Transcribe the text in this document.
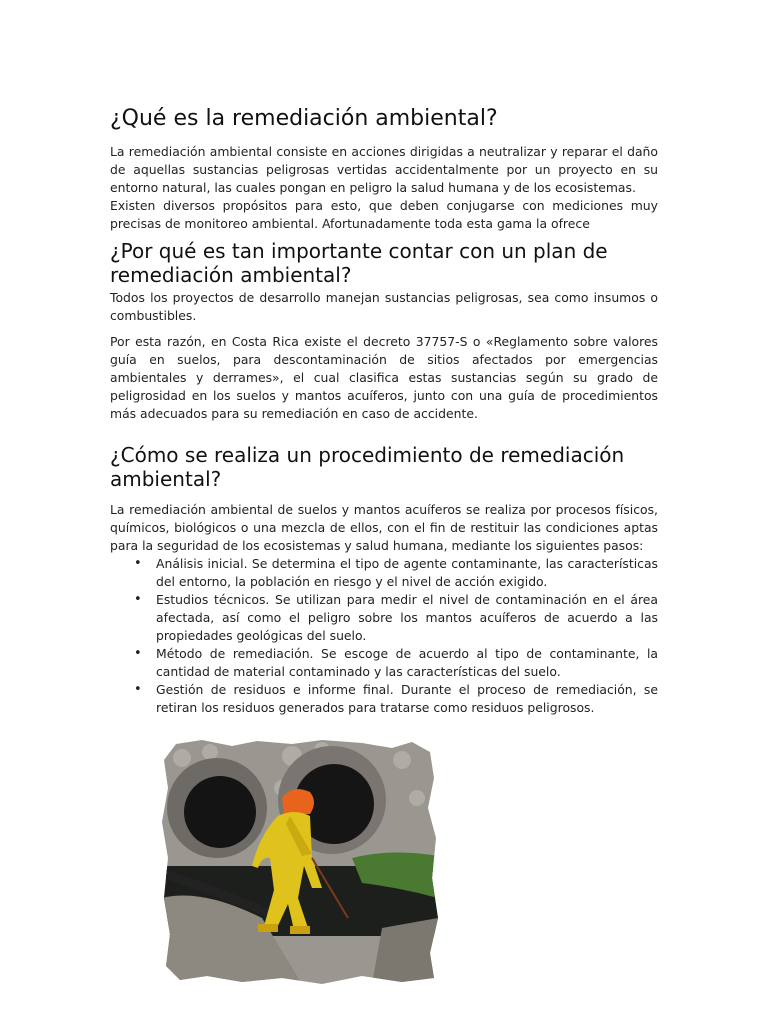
¿Qué es la remediación ambiental?

La remediación ambiental consiste en acciones dirigidas a neutralizar y reparar el daño de aquellas sustancias peligrosas vertidas accidentalmente por un proyecto en su entorno natural, las cuales pongan en peligro la salud humana y de los ecosistemas.

Existen diversos propósitos para esto, que deben conjugarse con mediciones muy precisas de monitoreo ambiental. Afortunadamente toda esta gama la ofrece

¿Por qué es tan importante contar con un plan de remediación ambiental?

Todos los proyectos de desarrollo manejan sustancias peligrosas, sea como insumos o combustibles.

Por esta razón, en Costa Rica existe el decreto 37757-S o «Reglamento sobre valores guía en suelos, para descontaminación de sitios afectados por emergencias ambientales y derrames», el cual clasifica estas sustancias según su grado de peligrosidad en los suelos y mantos acuíferos, junto con una guía de procedimientos más adecuados para su remediación en caso de accidente.

¿Cómo se realiza un procedimiento de remediación ambiental?

La remediación ambiental de suelos y mantos acuíferos se realiza por procesos físicos, químicos, biológicos o una mezcla de ellos, con el fin de restituir las condiciones aptas para la seguridad de los ecosistemas y salud humana, mediante los siguientes pasos:

• Análisis inicial. Se determina el tipo de agente contaminante, las características del entorno, la población en riesgo y el nivel de acción exigido.
• Estudios técnicos. Se utilizan para medir el nivel de contaminación en el área afectada, así como el peligro sobre los mantos acuíferos de acuerdo a las propiedades geológicas del suelo.
• Método de remediación. Se escoge de acuerdo al tipo de contaminante, la cantidad de material contaminado y las características del suelo.
• Gestión de residuos e informe final. Durante el proceso de remediación, se retiran los residuos generados para tratarse como residuos peligrosos.
